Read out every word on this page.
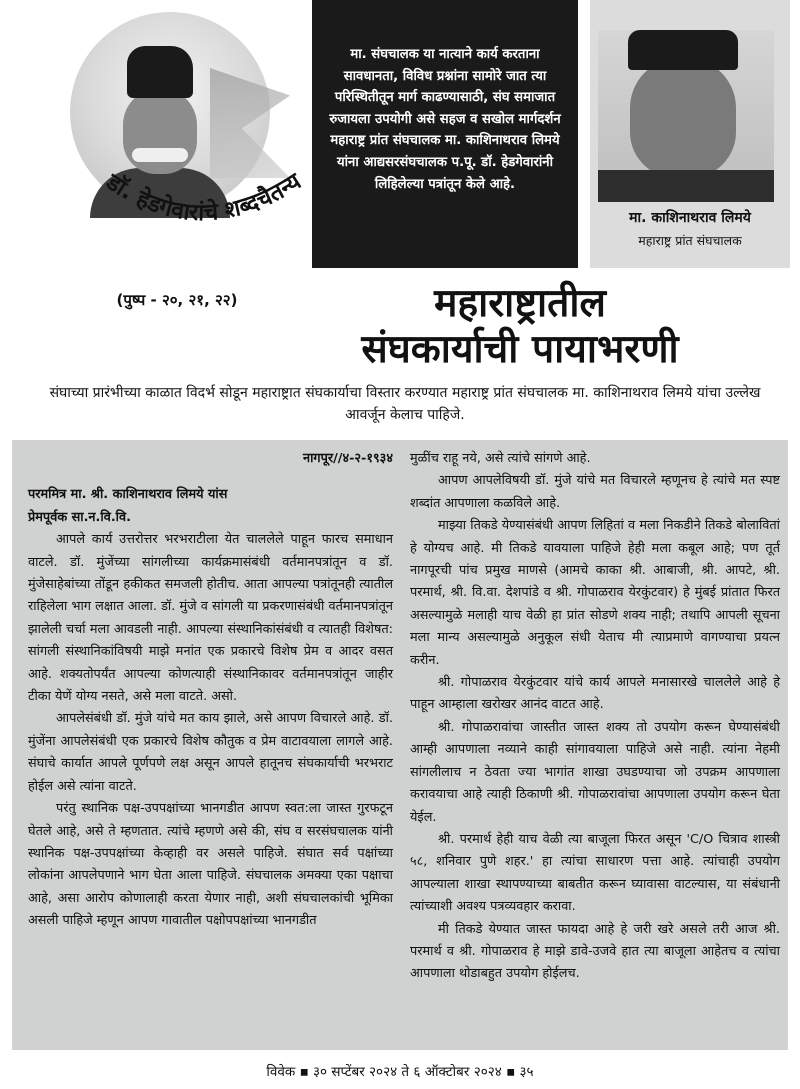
डॉ. हेडगेवारांचे शब्दचैतन्य
(पुष्प - २०, २१, २२)
मा. संघचालक या नात्याने कार्य करताना सावधानता, विविध प्रश्नांना सामोरे जात त्या परिस्थितीतून मार्ग काढण्यासाठी, संघ समाजात रुजायला उपयोगी असे सहज व सखोल मार्गदर्शन महाराष्ट्र प्रांत संघचालक मा. काशिनाथराव लिमये यांना आद्यसरसंघचालक प.पू. डॉ. हेडगेवारांनी लिहिलेल्या पत्रांतून केले आहे.
मा. काशिनाथराव लिमये
महाराष्ट्र प्रांत संघचालक
महाराष्ट्रातील
संघकार्याची पायाभरणी
संघाच्या प्रारंभीच्या काळात विदर्भ सोडून महाराष्ट्रात संघकार्याचा विस्तार करण्यात महाराष्ट्र प्रांत संघचालक मा. काशिनाथराव लिमये यांचा उल्लेख आवर्जून केलाच पाहिजे.
नागपूर//४-२-१९३४

परममित्र मा. श्री. काशिनाथराव लिमये यांस

प्रेमपूर्वक सा.न.वि.वि.

आपले कार्य उत्तरोत्तर भरभराटीला येत चाललेले पाहून फारच समाधान वाटले. डॉ. मुंजेंच्या सांगलीच्या कार्यक्रमासंबंधी वर्तमानपत्रांतून व डॉ. मुंजेसाहेबांच्या तोंडून हकीकत समजली होतीच. आता आपल्या पत्रांतूनही त्यातील राहिलेला भाग लक्षात आला. डॉ. मुंजे व सांगली या प्रकरणासंबंधी वर्तमानपत्रांतून झालेली चर्चा मला आवडली नाही. आपल्या संस्थानिकांसंबंधी व त्यातही विशेषत: सांगली संस्थानिकांविषयी माझे मनांत एक प्रकारचे विशेष प्रेम व आदर वसत आहे. शक्यतोपर्यंत आपल्या कोणत्याही संस्थानिकावर वर्तमानपत्रांतून जाहीर टीका येणें योग्य नसते, असे मला वाटते. असो.

आपलेसंबंधी डॉ. मुंजे यांचे मत काय झाले, असे आपण विचारले आहे. डॉ. मुंजेंना आपलेसंबंधी एक प्रकारचे विशेष कौतुक व प्रेम वाटावयाला लागले आहे. संघाचे कार्यात आपले पूर्णपणे लक्ष असून आपले हातूनच संघकार्याची भरभराट होईल असे त्यांना वाटते.

परंतु स्थानिक पक्ष-उपपक्षांच्या भानगडीत आपण स्वत:ला जास्त गुरफटून घेतले आहे, असे ते म्हणतात. त्यांचे म्हणणे असे की, संघ व सरसंघचालक यांनी स्थानिक पक्ष-उपपक्षांच्या केव्हाही वर असले पाहिजे. संघात सर्व पक्षांच्या लोकांना आपलेपणाने भाग घेता आला पाहिजे. संघचालक अमक्या एका पक्षाचा आहे, असा आरोप कोणालाही करता येणार नाही, अशी संघचालकांची भूमिका असली पाहिजे म्हणून आपण गावातील पक्षोपपक्षांच्या भानगडीत

मुळींच राहू नये, असे त्यांचे सांगणे आहे.

आपण आपलेविषयी डॉ. मुंजे यांचे मत विचारले म्हणूनच हे त्यांचे मत स्पष्ट शब्दांत आपणाला कळविले आहे.

माझ्या तिकडे येण्यासंबंधी आपण लिहितां व मला निकडीने तिकडे बोलावितां हे योग्यच आहे. मी तिकडे यावयाला पाहिजे हेही मला कबूल आहे; पण तूर्त नागपूरची पांच प्रमुख माणसे (आमचे काका श्री. आबाजी, श्री. आपटे, श्री. परमार्थ, श्री. वि.वा. देशपांडे व श्री. गोपाळराव येरकुंटवार) हे मुंबई प्रांतात फिरत असल्यामुळे मलाही याच वेळी हा प्रांत सोडणे शक्य नाही; तथापि आपली सूचना मला मान्य असल्यामुळे अनुकूल संधी येताच मी त्याप्रमाणे वागण्याचा प्रयत्न करीन.

श्री. गोपाळराव येरकुंटवार यांचे कार्य आपले मनासारखे चाललेले आहे हे पाहून आम्हाला खरोखर आनंद वाटत आहे.

श्री. गोपाळरावांचा जास्तीत जास्त शक्य तो उपयोग करून घेण्यासंबंधी आम्ही आपणाला नव्याने काही सांगावयाला पाहिजे असे नाही. त्यांना नेहमी सांगलीलाच न ठेवता ज्या भागांत शाखा उघडण्याचा जो उपक्रम आपणाला करावयाचा आहे त्याही ठिकाणी श्री. गोपाळरावांचा आपणाला उपयोग करून घेता येईल.

श्री. परमार्थ हेही याच वेळी त्या बाजूला फिरत असून 'C/O चित्राव शास्त्री ५८, शनिवार पुणे शहर.' हा त्यांचा साधारण पत्ता आहे. त्यांचाही उपयोग आपल्याला शाखा स्थापण्याच्या बाबतीत करून घ्यावासा वाटल्यास, या संबंधानी त्यांच्याशी अवश्य पत्रव्यवहार करावा.

मी तिकडे येण्यात जास्त फायदा आहे हे जरी खरे असले तरी आज श्री. परमार्थ व श्री. गोपाळराव हे माझे डावे-उजवे हात त्या बाजूला आहेतच व त्यांचा आपणाला थोडाबहुत उपयोग होईलच.

विवेक ▪ ३० सप्टेंबर २०२४ ते ६ ऑक्टोबर २०२४ ▪ ३५
